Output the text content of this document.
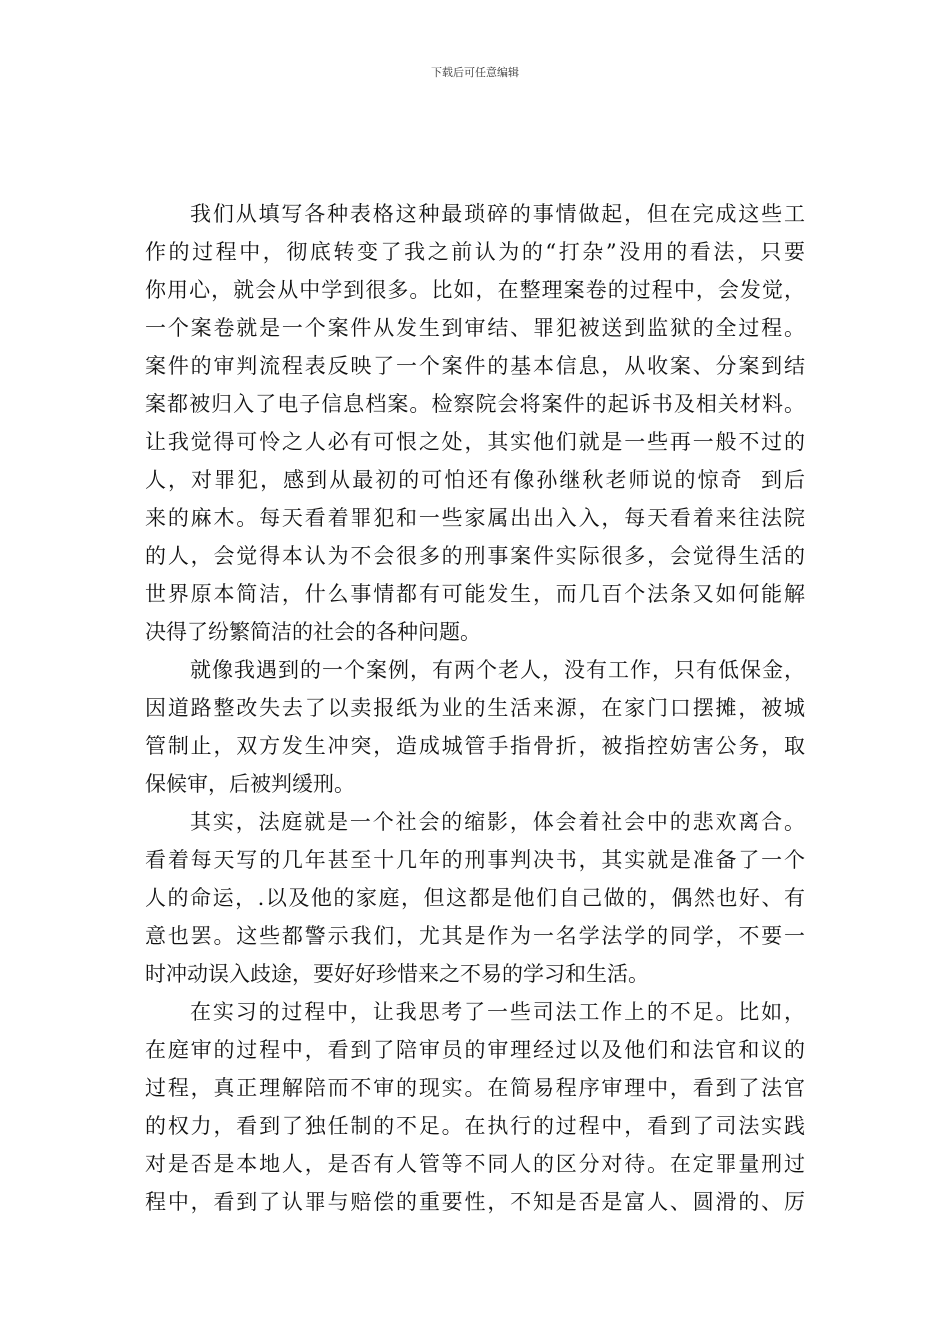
下载后可任意编辑
我们从填写各种表格这种最琐碎的事情做起，但在完成这些工
作的过程中，彻底转变了我之前认为的“打杂”没用的看法，只要
你用心，就会从中学到很多。比如，在整理案卷的过程中，会发觉，
一个案卷就是一个案件从发生到审结、罪犯被送到监狱的全过程。
案件的审判流程表反映了一个案件的基本信息，从收案、分案到结
案都被归入了电子信息档案。检察院会将案件的起诉书及相关材料。
让我觉得可怜之人必有可恨之处，其实他们就是一些再一般不过的
人，对罪犯，感到从最初的可怕还有像孙继秋老师说的惊奇  到后
来的麻木。每天看着罪犯和一些家属出出入入，每天看着来往法院
的人，会觉得本认为不会很多的刑事案件实际很多，会觉得生活的
世界原本简洁，什么事情都有可能发生，而几百个法条又如何能解
决得了纷繁简洁的社会的各种问题。
就像我遇到的一个案例，有两个老人，没有工作，只有低保金，
因道路整改失去了以卖报纸为业的生活来源，在家门口摆摊，被城
管制止，双方发生冲突，造成城管手指骨折，被指控妨害公务，取
保候审，后被判缓刑。
其实，法庭就是一个社会的缩影，体会着社会中的悲欢离合。
看着每天写的几年甚至十几年的刑事判决书，其实就是准备了一个
人的命运，.以及他的家庭，但这都是他们自己做的，偶然也好、有
意也罢。这些都警示我们，尤其是作为一名学法学的同学，不要一
时冲动误入歧途，要好好珍惜来之不易的学习和生活。
在实习的过程中，让我思考了一些司法工作上的不足。比如，
在庭审的过程中，看到了陪审员的审理经过以及他们和法官和议的
过程，真正理解陪而不审的现实。在简易程序审理中，看到了法官
的权力，看到了独任制的不足。在执行的过程中，看到了司法实践
对是否是本地人，是否有人管等不同人的区分对待。在定罪量刑过
程中，看到了认罪与赔偿的重要性，不知是否是富人、圆滑的、厉
